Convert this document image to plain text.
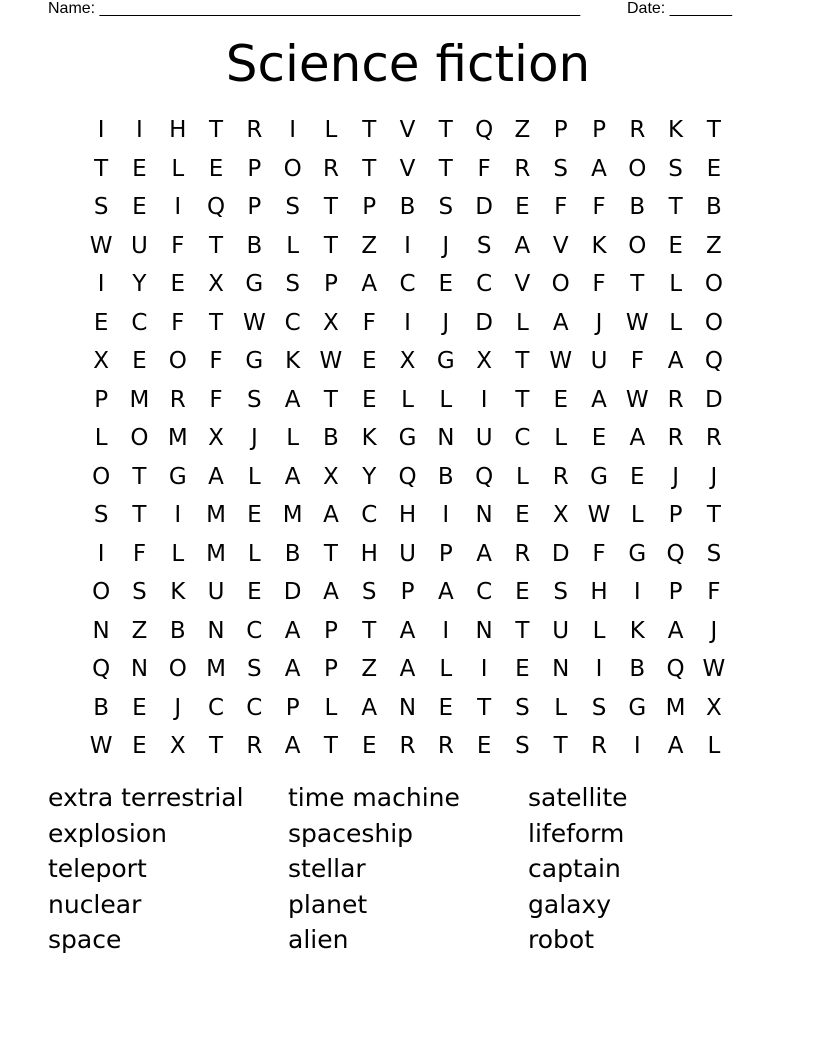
Name: ______________________________________________________	Date: _______
Science fiction
I	I	H T	R	I	L	T	V	T Q Z	P	P	R K	T
T	E	L	E	P O R	T	V	T	F	R	S	A O S	E
S	E	I	Q P	S	T	P	B	S D E	F	F	B	T	B
W U	F	T	B	L	T	Z	I	J	S	A V K O E	Z
I	Y	E	X G S	P	A C	E C V O F	T	L O
E C	F	T W C X	F	I	J	D	L	A	J	W L O
X	E O F G K W E	X G X	T W U	F	A Q
P M R	F	S	A	T	E	L	L	I	T	E	A W R D
L O M X	J	L	B K G N U C	L	E	A R R
O T G A	L	A X	Y Q B Q L	R G E	J	J
S	T	I	M E M A C H	I	N E	X W L	P	T
I	F	L M L	B	T H U P	A R D F G Q S
O S	K U E D A	S	P	A C	E	S H	I	P	F
N Z B N C A	P	T	A	I	N T U	L	K A	J
Q N O M S	A	P	Z A	L	I	E N	I	B Q W
B	E	J	C C	P	L	A N E	T	S	L	S G M X
W E	X	T	R A	T	E	R R	E	S	T	R	I	A	L
extra terrestrial	time machine	satellite
explosion	spaceship	lifeform
teleport	stellar	captain
nuclear	planet	galaxy
space	alien	robot
